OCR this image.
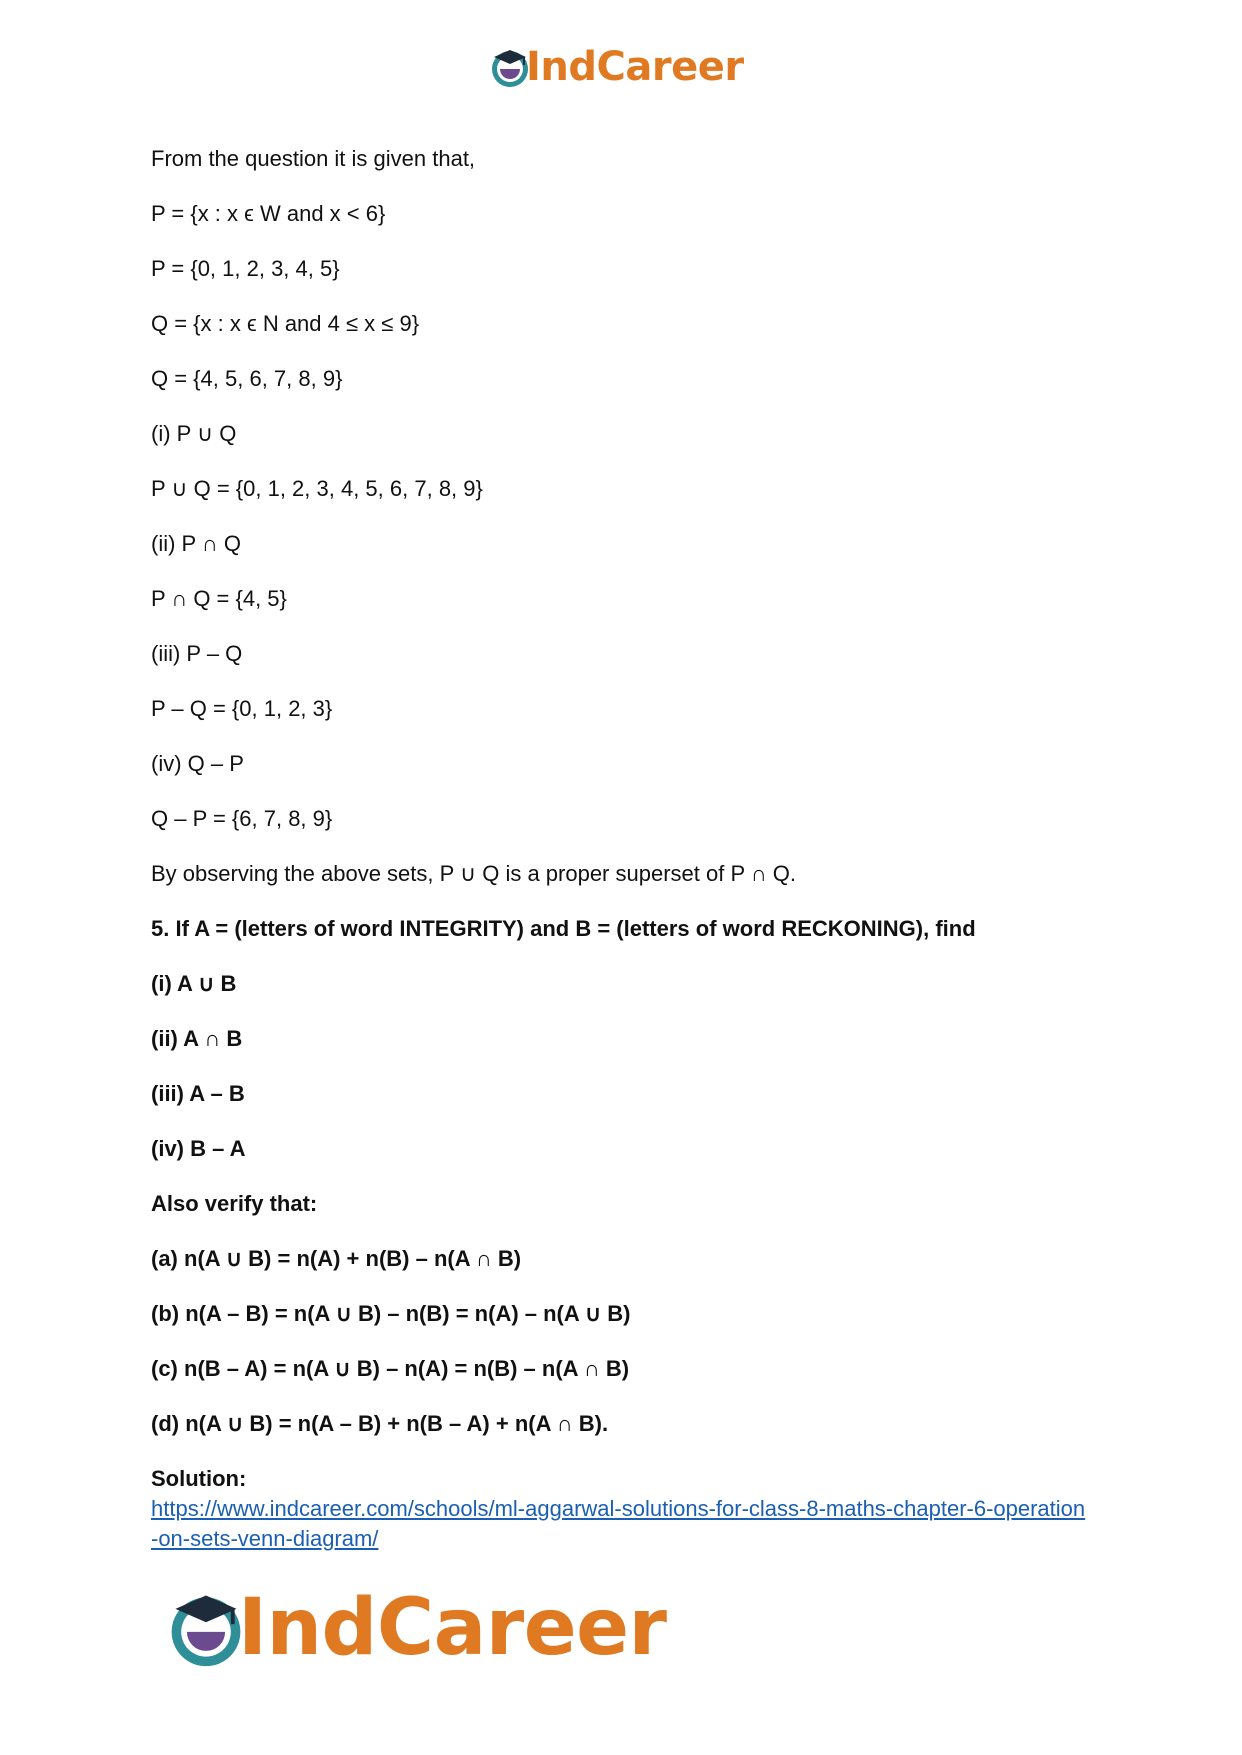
IndCareer

From the question it is given that,

P = {x : x ϵ W and x < 6}

P = {0, 1, 2, 3, 4, 5}

Q = {x : x ϵ N and 4 ≤ x ≤ 9}

Q = {4, 5, 6, 7, 8, 9}

(i) P ∪ Q

P ∪ Q = {0, 1, 2, 3, 4, 5, 6, 7, 8, 9}

(ii) P ∩ Q

P ∩ Q = {4, 5}

(iii) P – Q

P – Q = {0, 1, 2, 3}

(iv) Q – P

Q – P = {6, 7, 8, 9}

By observing the above sets, P ∪ Q is a proper superset of P ∩ Q.

5. If A = (letters of word INTEGRITY) and B = (letters of word RECKONING), find

(i) A ∪ B

(ii) A ∩ B

(iii) A – B

(iv) B – A

Also verify that:

(a) n(A ∪ B) = n(A) + n(B) – n(A ∩ B)

(b) n(A – B) = n(A ∪ B) – n(B) = n(A) – n(A ∪ B)

(c) n(B – A) = n(A ∪ B) – n(A) = n(B) – n(A ∩ B)

(d) n(A ∪ B) = n(A – B) + n(B – A) + n(A ∩ B).

Solution:
https://www.indcareer.com/schools/ml-aggarwal-solutions-for-class-8-maths-chapter-6-operation-on-sets-venn-diagram/
IndCareer
